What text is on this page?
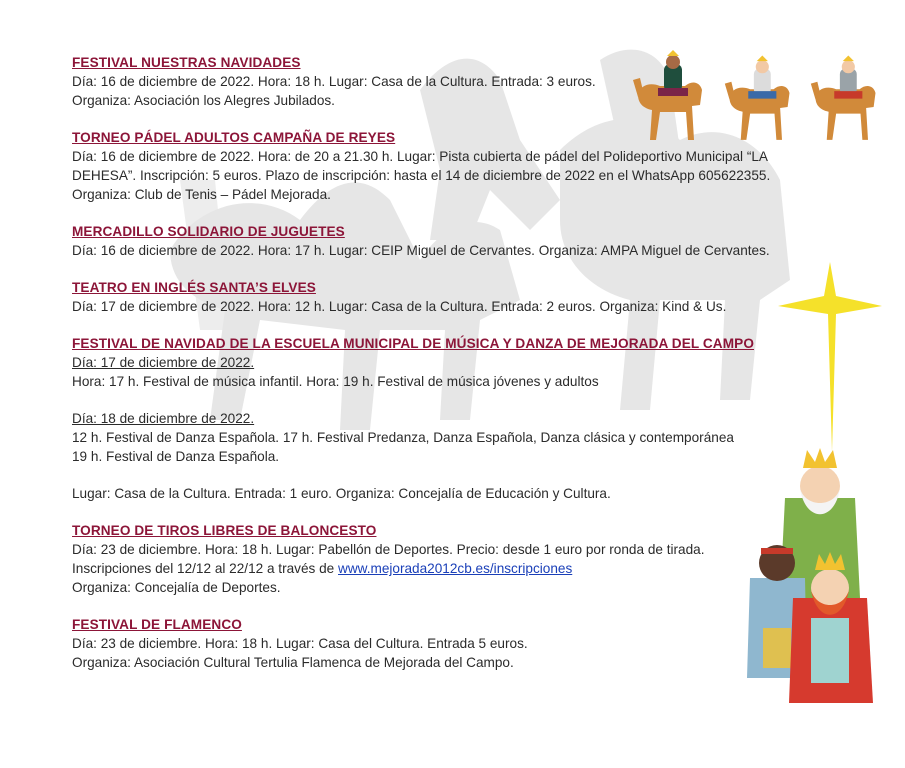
FESTIVAL NUESTRAS NAVIDADES
Día: 16 de diciembre de 2022. Hora: 18 h. Lugar: Casa de la Cultura. Entrada: 3 euros.
Organiza: Asociación los Alegres Jubilados.
TORNEO PÁDEL ADULTOS CAMPAÑA DE REYES
Día: 16 de diciembre de 2022. Hora: de 20 a 21.30 h. Lugar: Pista cubierta de pádel del Polideportivo Municipal “LA
DEHESA”. Inscripción: 5 euros. Plazo de inscripción: hasta el 14 de diciembre de 2022 en el WhatsApp 605622355.
Organiza: Club de Tenis – Pádel Mejorada.
MERCADILLO SOLIDARIO DE JUGUETES
Día: 16 de diciembre de 2022. Hora: 17 h. Lugar: CEIP Miguel de Cervantes. Organiza: AMPA Miguel de Cervantes.
TEATRO EN INGLÉS SANTA’S ELVES
Día: 17 de diciembre de 2022. Hora: 12 h. Lugar: Casa de la Cultura. Entrada: 2 euros. Organiza: Kind & Us.
FESTIVAL DE NAVIDAD DE LA ESCUELA MUNICIPAL DE MÚSICA Y DANZA DE MEJORADA DEL CAMPO
Día: 17 de diciembre de 2022.
Hora: 17 h. Festival de música infantil. Hora: 19 h. Festival de música jóvenes y adultos
Día: 18 de diciembre de 2022.
12 h. Festival de Danza Española. 17 h. Festival Predanza, Danza Española, Danza clásica y contemporánea
19 h. Festival de Danza Española.
Lugar: Casa de la Cultura. Entrada: 1 euro. Organiza: Concejalía de Educación y Cultura.
TORNEO DE TIROS LIBRES DE BALONCESTO
Día: 23 de diciembre. Hora: 18 h. Lugar: Pabellón de Deportes. Precio: desde 1 euro por ronda de tirada.
Inscripciones del 12/12 al 22/12 a través de www.mejorada2012cb.es/inscripciones
Organiza: Concejalía de Deportes.
FESTIVAL DE FLAMENCO
Día: 23 de diciembre. Hora: 18 h. Lugar: Casa del Cultura. Entrada 5 euros.
Organiza: Asociación Cultural Tertulia Flamenca de Mejorada del Campo.
